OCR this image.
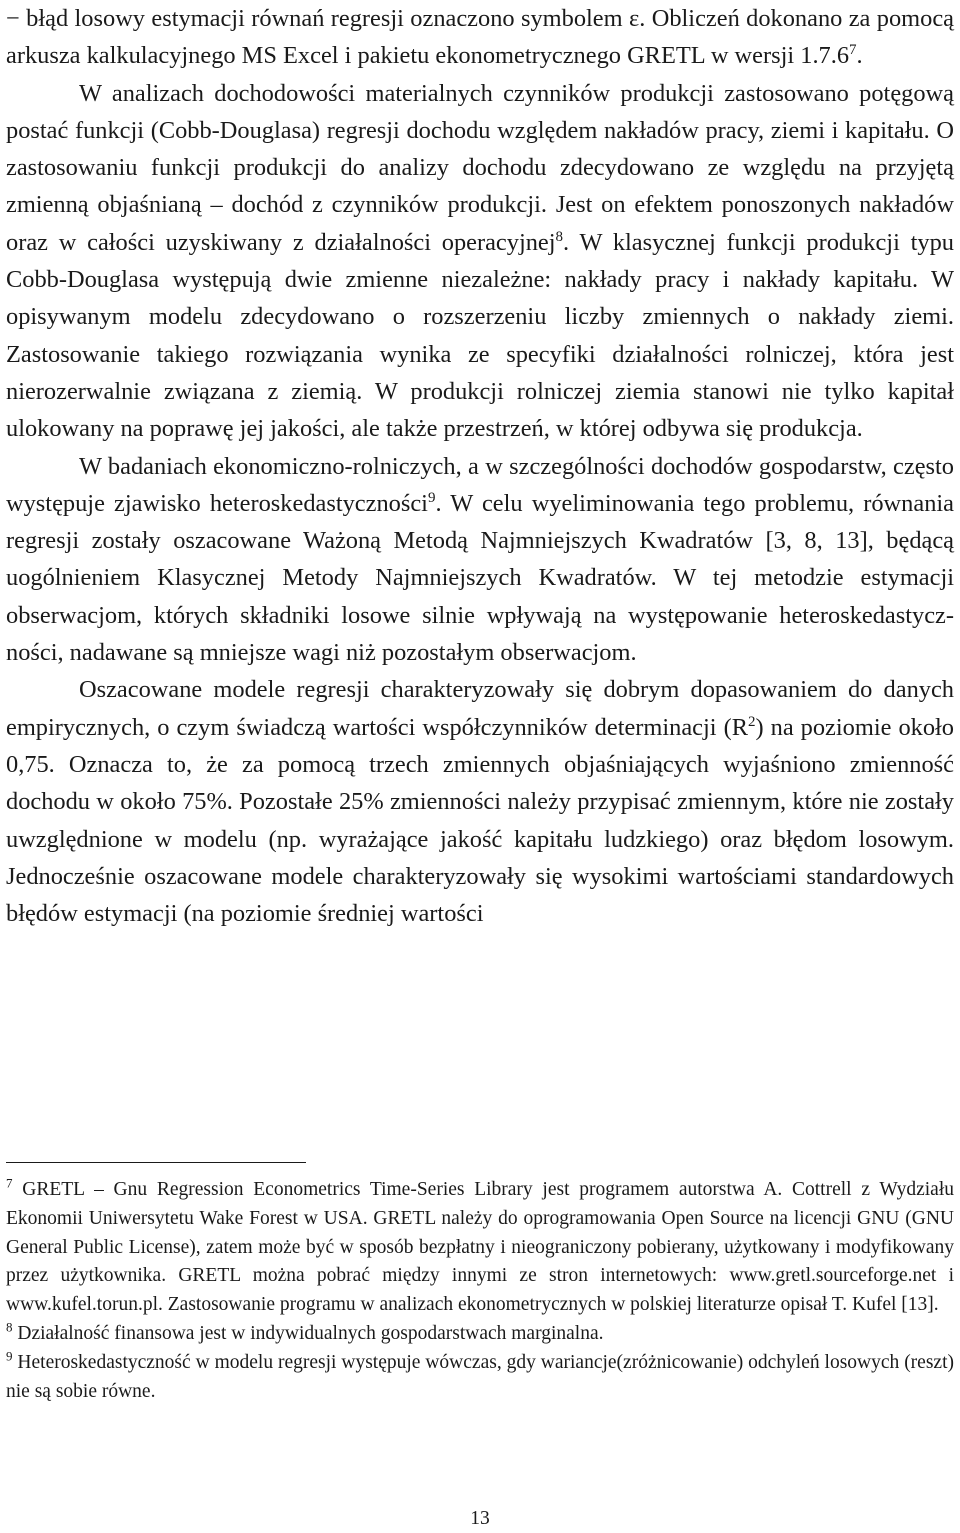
− błąd losowy estymacji równań regresji oznaczono symbolem ε. Obliczeń dokonano za pomocą arkusza kalkulacyjnego MS Excel i pakietu ekonometrycznego GRETL w wersji 1.7.6$^7$.

W analizach dochodowości materialnych czynników produkcji zastosowano potęgową postać funkcji (Cobb-Douglasa) regresji dochodu względem nakładów pracy, ziemi i kapitału. O zastosowaniu funkcji produkcji do analizy dochodu zdecydowano ze względu na przyjętą zmienną objaśnianą – dochód z czynników produkcji. Jest on efektem ponoszonych nakładów oraz w całości uzyskiwany z działalności operacyjnej$^8$. W klasycznej funkcji produkcji typu Cobb-Douglasa występują dwie zmienne niezależne: nakłady pracy i nakłady kapitału. W opisywanym modelu zdecydowano o rozszerzeniu liczby zmiennych o nakłady ziemi. Zastosowanie takiego rozwiązania wynika ze specyfiki działalności rolniczej, która jest nierozerwalnie związana z ziemią. W produkcji rolniczej ziemia stanowi nie tylko kapitał ulokowany na poprawę jej jakości, ale także przestrzeń, w której odbywa się produkcja.

W badaniach ekonomiczno-rolniczych, a w szczególności dochodów gospodarstw, często występuje zjawisko heteroskedastyczności$^9$. W celu wyeliminowania tego problemu, równania regresji zostały oszacowane Ważoną Metodą Najmniejszych Kwadratów [3, 8, 13], będącą uogólnieniem Klasycznej Metody Najmniejszych Kwadratów. W tej metodzie estymacji obserwacjom, których składniki losowe silnie wpływają na występowanie heteroskedastyczności, nadawane są mniejsze wagi niż pozostałym obserwacjom.

Oszacowane modele regresji charakteryzowały się dobrym dopasowaniem do danych empirycznych, o czym świadczą wartości współczynników determinacji $(R^2)$ na poziomie około 0,75. Oznacza to, że za pomocą trzech zmiennych objaśniających wyjaśniono zmienność dochodu w około 75%. Pozostałe 25% zmienności należy przypisać zmiennym, które nie zostały uwzględnione w modelu (np. wyrażające jakość kapitału ludzkiego) oraz błędom losowym. Jednocześnie oszacowane modele charakteryzowały się wysokimi wartościami standardowych błędów estymacji (na poziomie średniej wartości

$^7$ GRETL – Gnu Regression Econometrics Time-Series Library jest programem autorstwa A. Cottrell z Wydziału Ekonomii Uniwersytetu Wake Forest w USA. GRETL należy do oprogramowania Open Source na licencji GNU (GNU General Public License), zatem może być w sposób bezpłatny i nieograniczony pobierany, użytkowany i modyfikowany przez użytkownika. GRETL można pobrać między innymi ze stron internetowych: www.gretl.sourceforge.net i www.kufel.torun.pl. Zastosowanie programu w analizach ekonometrycznych w polskiej literaturze opisał T. Kufel [13].

$^8$ Działalność finansowa jest w indywidualnych gospodarstwach marginalna.

$^9$ Heteroskedastyczność w modelu regresji występuje wówczas, gdy wariancje(zróżnicowanie) odchyleń losowych (reszt) nie są sobie równe.

13
